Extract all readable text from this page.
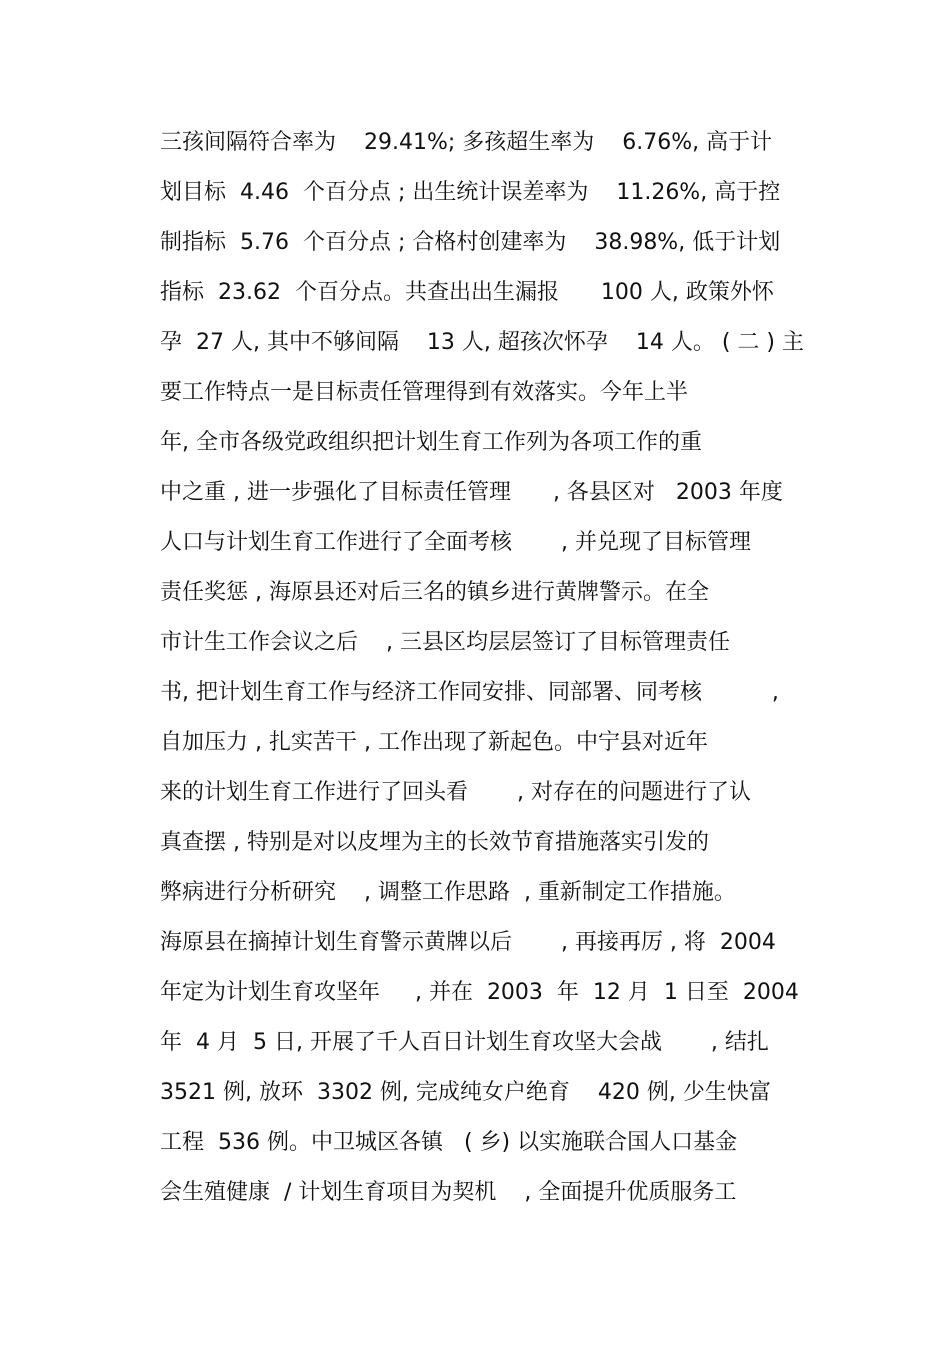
三孩间隔符合率为    29.41%; 多孩超生率为    6.76%, 高于计
划目标  4.46  个百分点 ; 出生统计误差率为    11.26%, 高于控
制指标  5.76  个百分点 ; 合格村创建率为    38.98%, 低于计划
指标  23.62  个百分点。共查出出生漏报      100 人, 政策外怀
孕  27 人, 其中不够间隔    13 人, 超孩次怀孕    14 人。 ( 二 ) 主
要工作特点一是目标责任管理得到有效落实。今年上半
年, 全市各级党政组织把计划生育工作列为各项工作的重
中之重 , 进一步强化了目标责任管理      , 各县区对   2003 年度
人口与计划生育工作进行了全面考核       , 并兑现了目标管理
责任奖惩 , 海原县还对后三名的镇乡进行黄牌警示。在全
市计生工作会议之后    , 三县区均层层签订了目标管理责任
书, 把计划生育工作与经济工作同安排、同部署、同考核          ,
自加压力 , 扎实苦干 , 工作出现了新起色。中宁县对近年
来的计划生育工作进行了回头看       , 对存在的问题进行了认
真查摆 , 特别是对以皮埋为主的长效节育措施落实引发的
弊病进行分析研究    , 调整工作思路  , 重新制定工作措施。
海原县在摘掉计划生育警示黄牌以后       , 再接再厉 , 将  2004
年定为计划生育攻坚年     , 并在  2003  年  12 月  1 日至  2004
年  4 月  5 日, 开展了千人百日计划生育攻坚大会战       , 结扎
3521 例, 放环  3302 例, 完成纯女户绝育    420 例, 少生快富
工程  536 例。中卫城区各镇   ( 乡) 以实施联合国人口基金
会生殖健康  / 计划生育项目为契机    , 全面提升优质服务工
